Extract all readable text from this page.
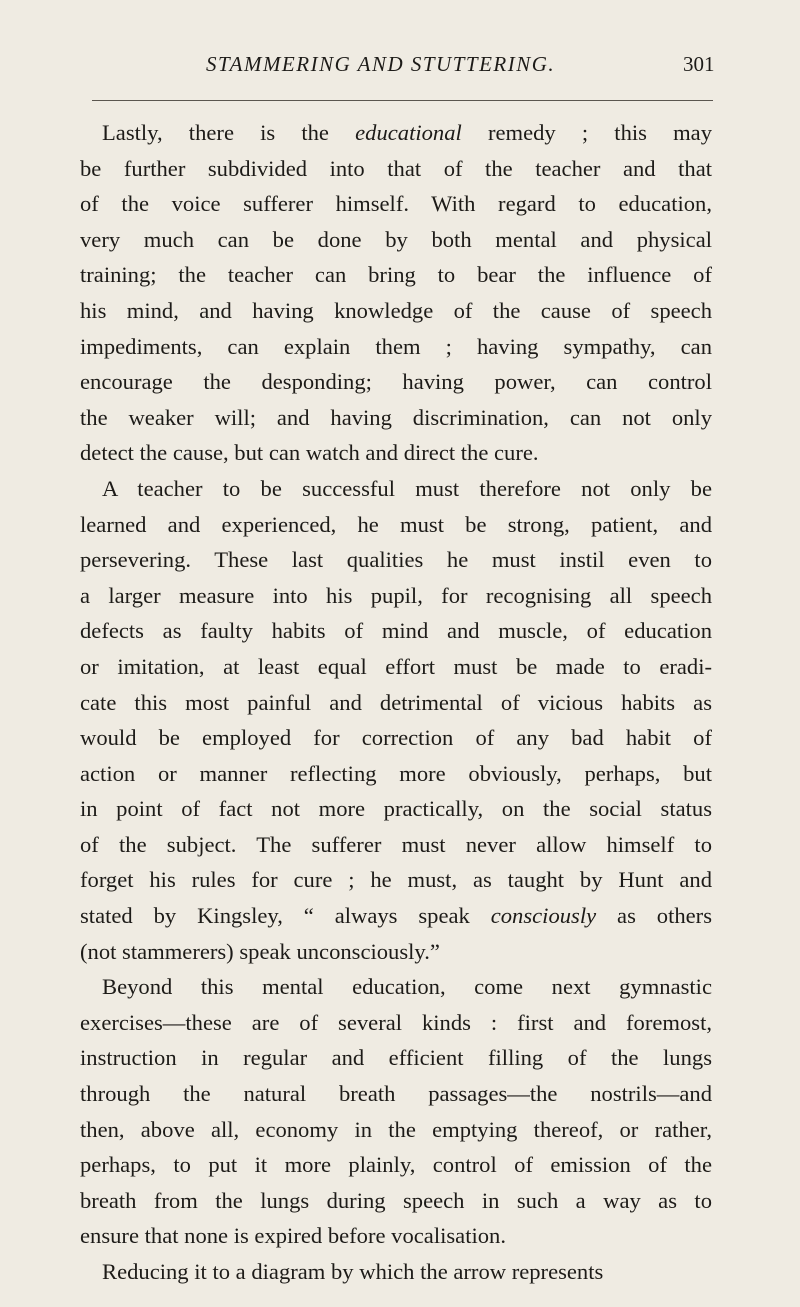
STAMMERING AND STUTTERING.	301
Lastly, there is the educational remedy ; this may
be further subdivided into that of the teacher and that
of the voice sufferer himself. With regard to education,
very much can be done by both mental and physical
training; the teacher can bring to bear the influence of
his mind, and having knowledge of the cause of speech
impediments, can explain them ; having sympathy, can
encourage the desponding; having power, can control
the weaker will; and having discrimination, can not only
detect the cause, but can watch and direct the cure.
A teacher to be successful must therefore not only be
learned and experienced, he must be strong, patient, and
persevering. These last qualities he must instil even to
a larger measure into his pupil, for recognising all speech
defects as faulty habits of mind and muscle, of education
or imitation, at least equal effort must be made to eradi-
cate this most painful and detrimental of vicious habits as
would be employed for correction of any bad habit of
action or manner reflecting more obviously, perhaps, but
in point of fact not more practically, on the social status
of the subject. The sufferer must never allow himself to
forget his rules for cure ; he must, as taught by Hunt and
stated by Kingsley, “ always speak consciously as others
(not stammerers) speak unconsciously.”
Beyond this mental education, come next gymnastic
exercises—these are of several kinds : first and foremost,
instruction in regular and efficient filling of the lungs
through the natural breath passages—the nostrils—and
then, above all, economy in the emptying thereof, or rather,
perhaps, to put it more plainly, control of emission of the
breath from the lungs during speech in such a way as to
ensure that none is expired before vocalisation.
Reducing it to a diagram by which the arrow represents
